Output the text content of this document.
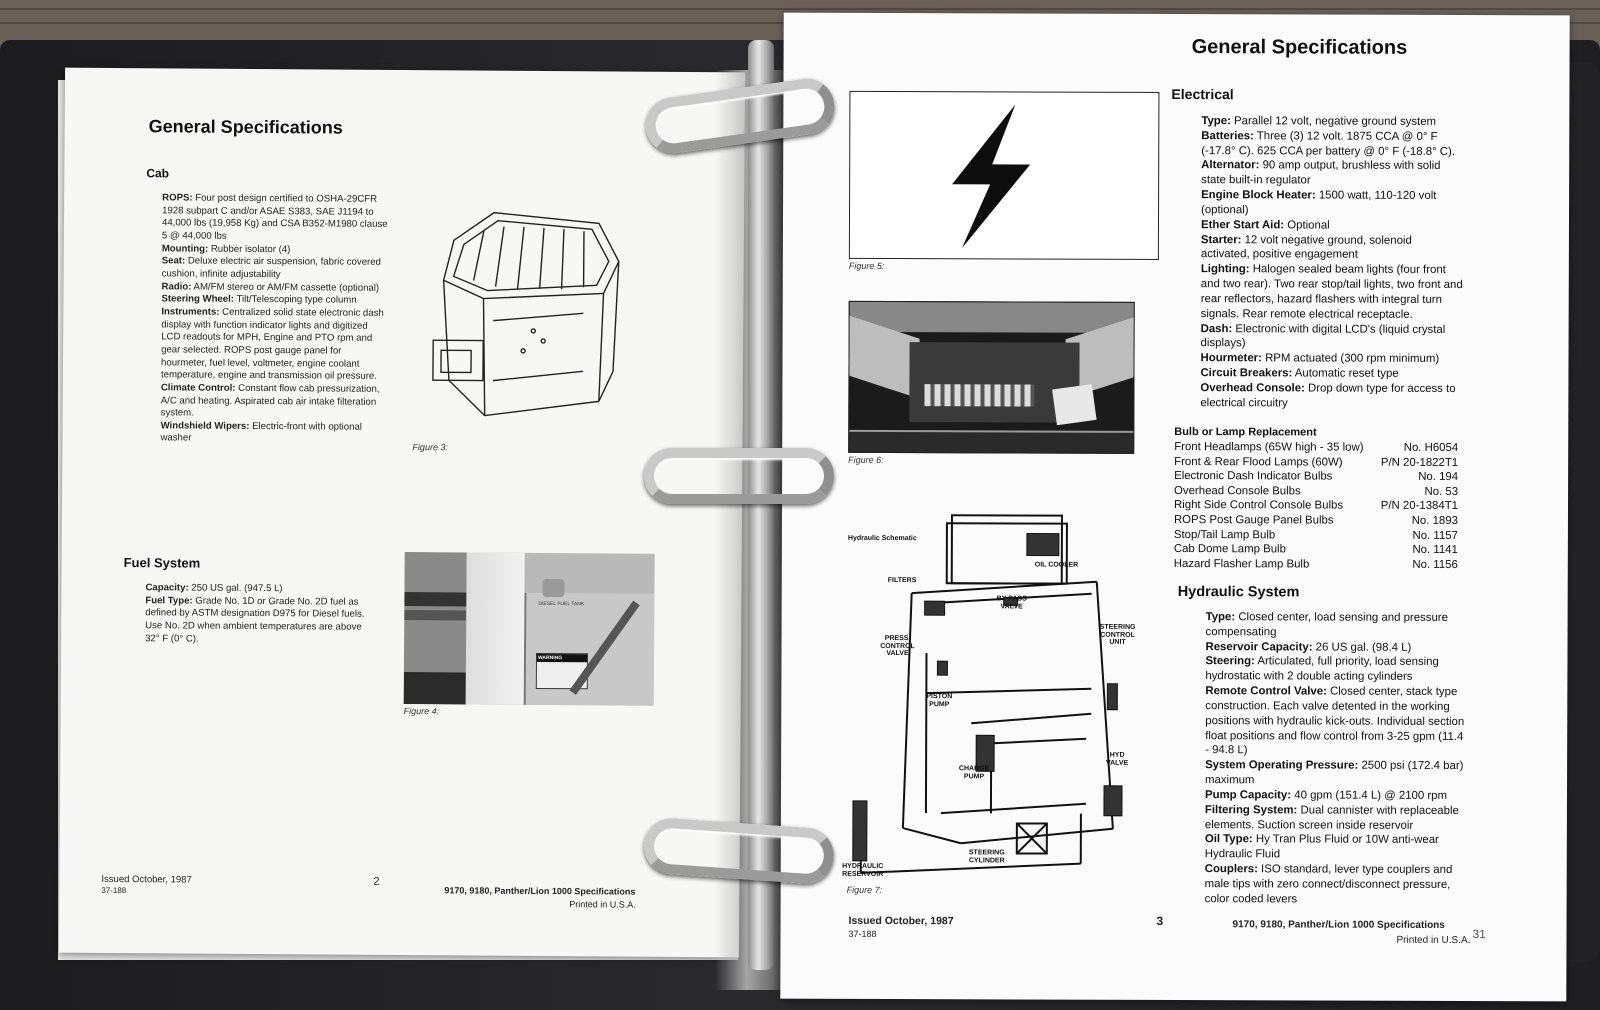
General Specifications
Cab
ROPS: Four post design certified to OSHA-29CFR 1928 subpart C and/or ASAE S383, SAE J1194 to 44,000 lbs (19,958 Kg) and CSA B352-M1980 clause 5 @ 44,000 lbs
Mounting: Rubber isolator (4)
Seat: Deluxe electric air suspension, fabric covered cushion, infinite adjustability
Radio: AM/FM stereo or AM/FM cassette (optional)
Steering Wheel: Tilt/Telescoping type column
Instruments: Centralized solid state electronic dash display with function indicator lights and digitized LCD readouts for MPH, Engine and PTO rpm and gear selected. ROPS post gauge panel for hourmeter, fuel level, voltmeter, engine coolant temperature, engine and transmission oil pressure.
Climate Control: Constant flow cab pressurization, A/C and heating. Aspirated cab air intake filteration system.
Windshield Wipers: Electric-front with optional washer
Figure 3:
Fuel System
Capacity: 250 US gal. (947.5 L)
Fuel Type: Grade No. 1D or Grade No. 2D fuel as defined by ASTM designation D975 for Diesel fuels. Use No. 2D when ambient temperatures are above 32° F (0° C).
DIESEL FUEL TANK
WARNING
Figure 4:
Issued October, 1987
37-188
2
9170, 9180, Panther/Lion 1000 Specifications
Printed in U.S.A.
General Specifications
Figure 5:
Figure 6:
Hydraulic Schematic
OIL COOLER
FILTERS
BY-PASS VALVE
PRESS. CONTROL VALVE
STEERING CONTROL UNIT
PISTON PUMP
CHARGE PUMP
HYD VALVE
STEERING CYLINDER
HYDRAULIC RESERVOIR
Figure 7:
Electrical
Type: Parallel 12 volt, negative ground system
Batteries: Three (3) 12 volt. 1875 CCA @ 0° F (-17.8° C). 625 CCA per battery @ 0° F (-18.8° C).
Alternator: 90 amp output, brushless with solid state built-in regulator
Engine Block Heater: 1500 watt, 110-120 volt (optional)
Ether Start Aid: Optional
Starter: 12 volt negative ground, solenoid activated, positive engagement
Lighting: Halogen sealed beam lights (four front and two rear). Two rear stop/tail lights, two front and rear reflectors, hazard flashers with integral turn signals. Rear remote electrical receptacle.
Dash: Electronic with digital LCD's (liquid crystal displays)
Hourmeter: RPM actuated (300 rpm minimum)
Circuit Breakers: Automatic reset type
Overhead Console: Drop down type for access to electrical circuitry
Bulb or Lamp Replacement
Front Headlamps (65W high - 35 low)	No. H6054
Front & Rear Flood Lamps (60W)	P/N 20-1822T1
Electronic Dash Indicator Bulbs	No. 194
Overhead Console Bulbs	No. 53
Right Side Control Console Bulbs	P/N 20-1384T1
ROPS Post Gauge Panel Bulbs	No. 1893
Stop/Tail Lamp Bulb	No. 1157
Cab Dome Lamp Bulb	No. 1141
Hazard Flasher Lamp Bulb	No. 1156
Hydraulic System
Type: Closed center, load sensing and pressure compensating
Reservoir Capacity: 26 US gal. (98.4 L)
Steering: Articulated, full priority, load sensing hydrostatic with 2 double acting cylinders
Remote Control Valve: Closed center, stack type construction. Each valve detented in the working positions with hydraulic kick-outs. Individual section float positions and flow control from 3-25 gpm (11.4 - 94.8 L)
System Operating Pressure: 2500 psi (172.4 bar) maximum
Pump Capacity: 40 gpm (151.4 L) @ 2100 rpm
Filtering System: Dual cannister with replaceable elements. Suction screen inside reservoir
Oil Type: Hy Tran Plus Fluid or 10W anti-wear Hydraulic Fluid
Couplers: ISO standard, lever type couplers and male tips with zero connect/disconnect pressure, color coded levers
Issued October, 1987
37-188
3	9170, 9180, Panther/Lion 1000 Specifications
Printed in U.S.A. 31
